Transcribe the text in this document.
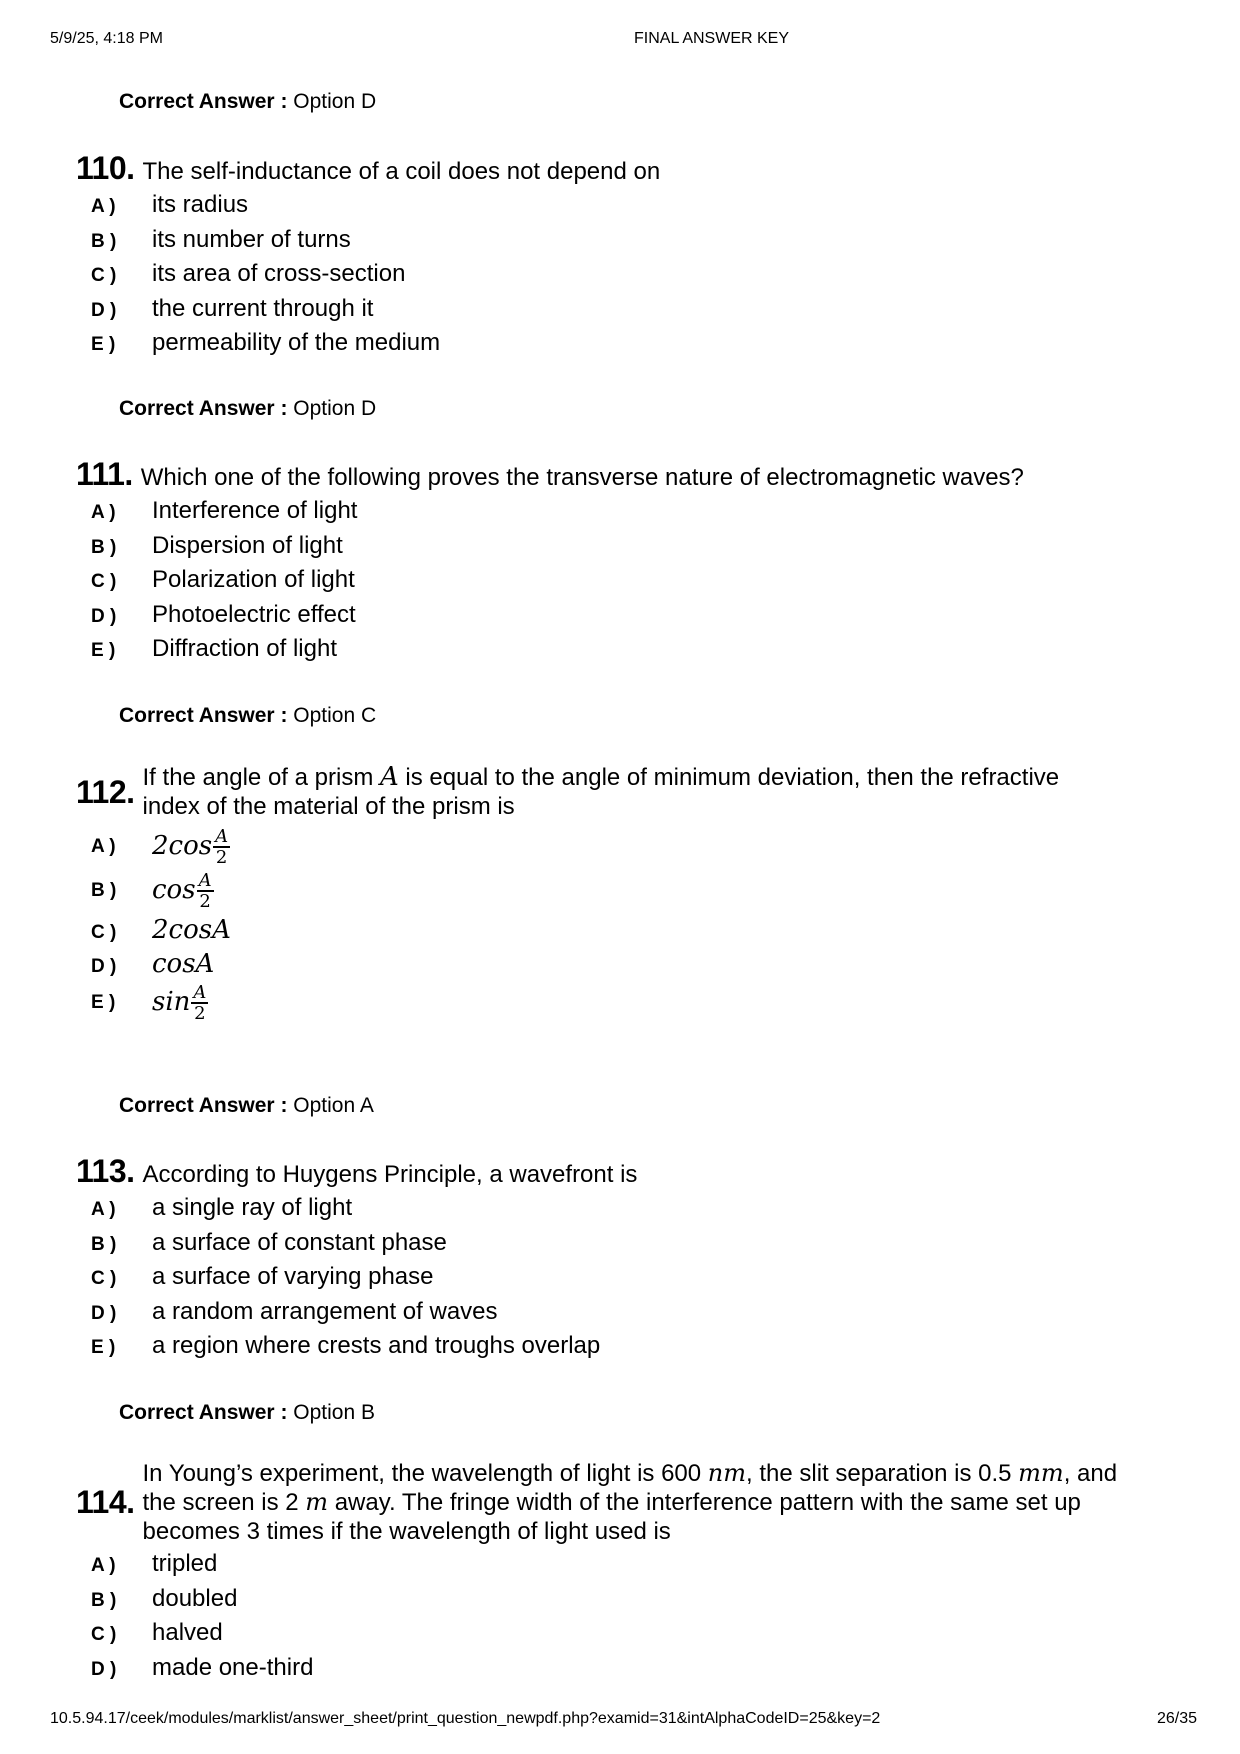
5/9/25, 4:18 PM	FINAL ANSWER KEY
Correct Answer : Option D
110. The self-inductance of a coil does not depend on
A )	its radius
B )	its number of turns
C )	its area of cross-section
D )	the current through it
E )	permeability of the medium
Correct Answer : Option D
111. Which one of the following proves the transverse nature of electromagnetic waves?
A )	Interference of light
B )	Dispersion of light
C )	Polarization of light
D )	Photoelectric effect
E )	Diffraction of light
Correct Answer : Option C
112. If the angle of a prism A is equal to the angle of minimum deviation, then the refractive index of the material of the prism is
A )	$2\cos \frac{A}{2}$
B )	$\cos \frac{A}{2}$
C )	2cosA
D )	cosA
E )	$\sin \frac{A}{2}$
Correct Answer : Option A
113. According to Huygens Principle, a wavefront is
A )	a single ray of light
B )	a surface of constant phase
C )	a surface of varying phase
D )	a random arrangement of waves
E )	a region where crests and troughs overlap
Correct Answer : Option B
114.
In Young’s experiment, the wavelength of light is 600 nm, the slit separation is 0.5 mm, and the screen is 2 m away. The fringe width of the interference pattern with the same set up becomes 3 times if the wavelength of light used is
A )	tripled
B )	doubled
C )	halved
D )	made one-third
10.5.94.17/ceek/modules/marklist/answer_sheet/print_question_newpdf.php?examid=31&intAlphaCodeID=25&key=2	26/35
